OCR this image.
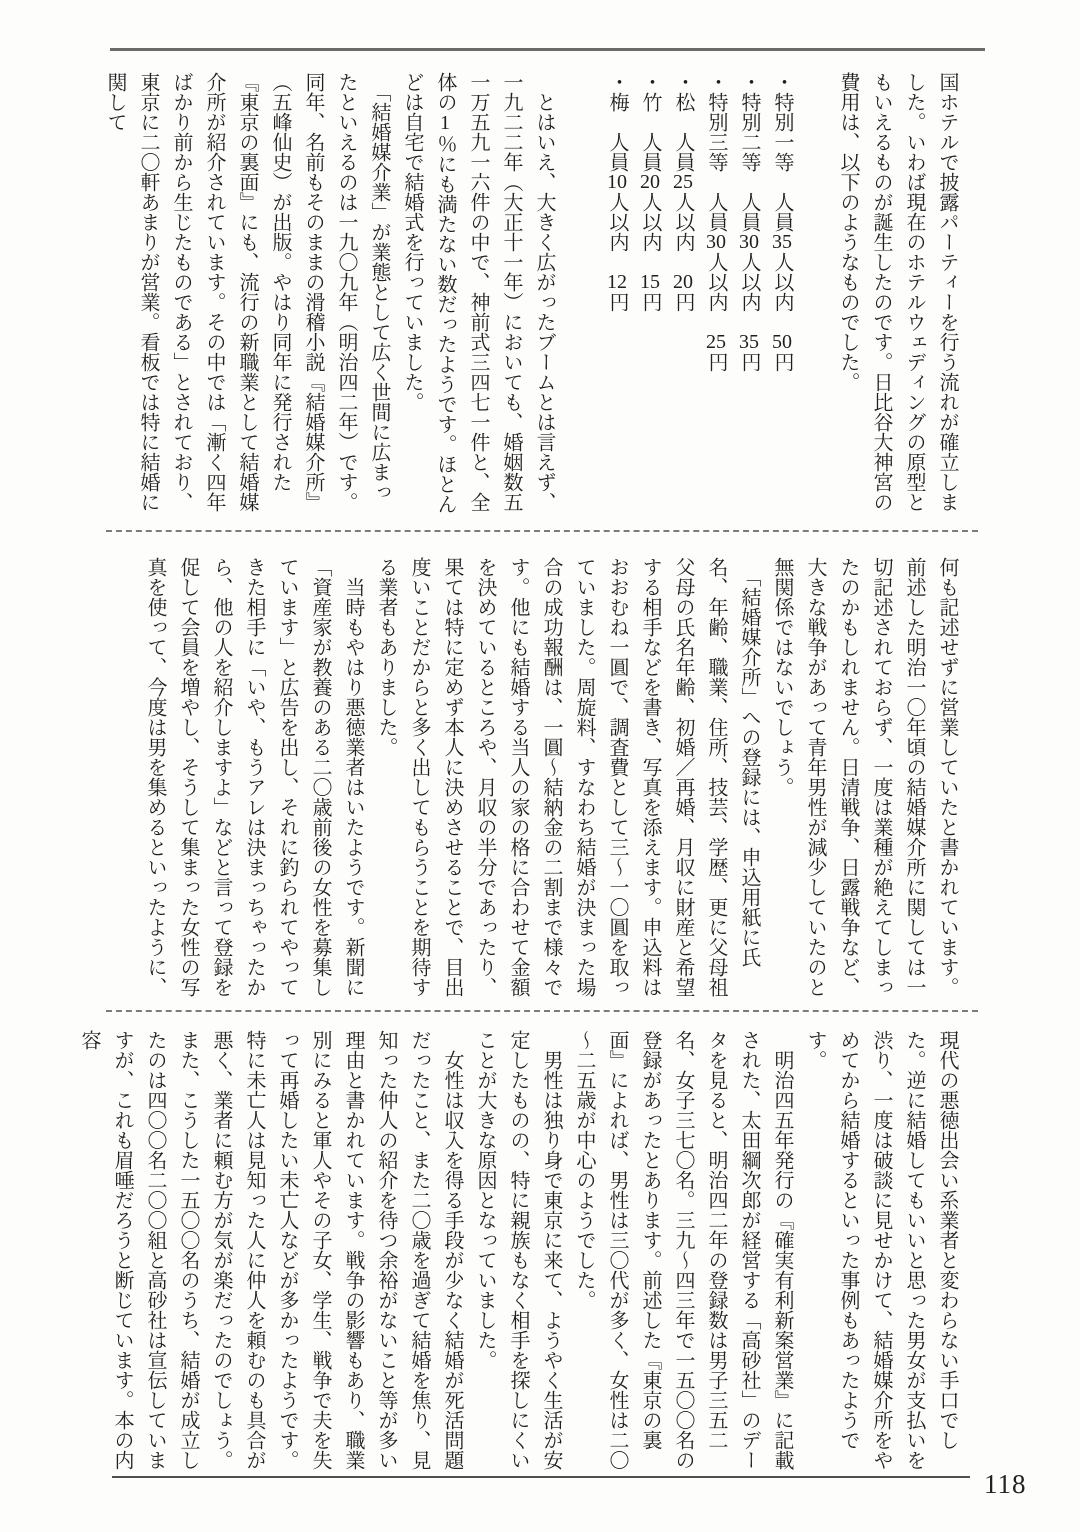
国ホテルで披露パーティーを行う流れが確立しました。いわば現在のホテルウェディングの原型ともいえるものが誕生したのです。日比谷大神宮の費用は、以下のようなものでした。

・特別一等人員35人以内50円

・特別二等人員30人以内35円

・特別三等人員30人以内25円

・松人員25人以内20円

・竹人員20人以内15円

・梅人員10人以内12円

　とはいえ、大きく広がったブームとは言えず、一九二二年（大正十一年）においても、婚姻数五一万五九一六件の中で、神前式三四七一件と、全体の1％にも満たない数だったようです。ほとんどは自宅で結婚式を行っていました。

　「結婚媒介業」が業態として広く世間に広まったといえるのは一九〇九年（明治四二年）です。同年、名前もそのままの滑稽小説『結婚媒介所』（五峰仙史）が出版。やはり同年に発行された『東京の裏面』にも、流行の新職業として結婚媒介所が紹介されています。その中では「漸く四年ばかり前から生じたものである」とされており、東京に二〇軒あまりが営業。看板では特に結婚に関して

何も記述せずに営業していたと書かれています。前述した明治一〇年頃の結婚媒介所に関しては一切記述されておらず、一度は業種が絶えてしまったのかもしれません。日清戦争、日露戦争など、大きな戦争があって青年男性が減少していたのと無関係ではないでしょう。

　「結婚媒介所」への登録には、申込用紙に氏名、年齢、職業、住所、技芸、学歴、更に父母祖父母の氏名年齢、初婚／再婚、月収に財産と希望する相手などを書き、写真を添えます。申込料はおおむね一圓で、調査費として三～一〇圓を取っていました。周旋料、すなわち結婚が決まった場合の成功報酬は、一圓～結納金の二割まで様々です。他にも結婚する当人の家の格に合わせて金額を決めているところや、月収の半分であったり、果ては特に定めず本人に決めさせることで、目出度いことだからと多く出してもらうことを期待する業者もありました。

　当時もやはり悪徳業者はいたようです。新聞に「資産家が教養のある二〇歳前後の女性を募集しています」と広告を出し、それに釣られてやってきた相手に「いや、もうアレは決まっちゃったから、他の人を紹介しますよ」などと言って登録を促して会員を増やし、そうして集まった女性の写真を使って、今度は男を集めるといったように、

現代の悪徳出会い系業者と変わらない手口でした。逆に結婚してもいいと思った男女が支払いを渋り、一度は破談に見せかけて、結婚媒介所をやめてから結婚するといった事例もあったようです。

　明治四五年発行の『確実有利新案営業』に記載された、太田綱次郎が経営する「高砂社」のデータを見ると、明治四二年の登録数は男子三五二名、女子三七〇名。三九～四三年で一五〇〇名の登録があったとあります。前述した『東京の裏面』によれば、男性は三〇代が多く、女性は二〇～二五歳が中心のようでした。

　男性は独り身で東京に来て、ようやく生活が安定したものの、特に親族もなく相手を探しにくいことが大きな原因となっていました。

　女性は収入を得る手段が少なく結婚が死活問題だったこと、また二〇歳を過ぎて結婚を焦り、見知った仲人の紹介を待つ余裕がないこと等が多い理由と書かれています。戦争の影響もあり、職業別にみると軍人やその子女、学生、戦争で夫を失って再婚したい未亡人などが多かったようです。特に未亡人は見知った人に仲人を頼むのも具合が悪く、業者に頼む方が気が楽だったのでしょう。また、こうした一五〇〇名のうち、結婚が成立したのは四〇〇名二〇〇組と高砂社は宣伝していますが、これも眉唾だろうと断じています。本の内容

118
